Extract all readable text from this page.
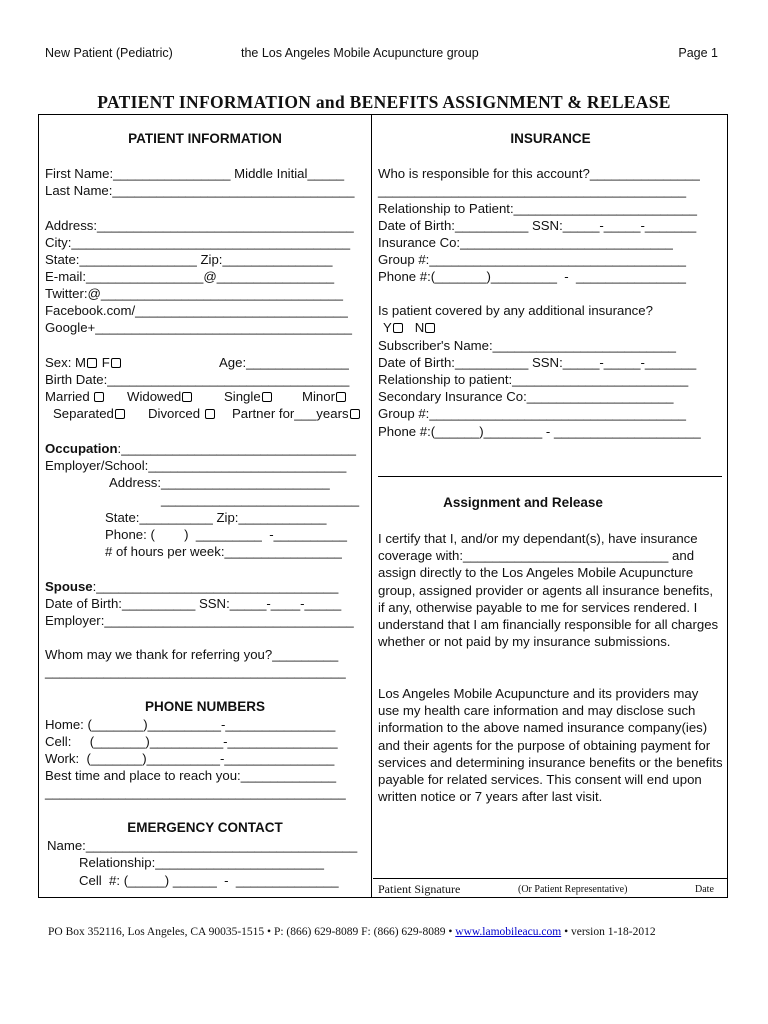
New Patient (Pediatric)	the Los Angeles Mobile Acupuncture group	Page 1
PATIENT INFORMATION and BENEFITS ASSIGNMENT & RELEASE
PATIENT INFORMATION
First Name:________________ Middle Initial_____
Last Name:_________________________________
Address:___________________________________
City:______________________________________
State:________________ Zip:_______________
E-mail:________________@________________
Twitter:@_________________________________
Facebook.com/_____________________________
Google+___________________________________
Sex: M F	Age:______________
Birth Date:_________________________________
Married	Widowed	Single	Minor
Separated	Divorced	Partner for___years
Occupation:________________________________
Employer/School:___________________________
Address:_______________________
___________________________
State:__________ Zip:____________
Phone: (        )  _________  -__________
# of hours per week:________________
Spouse:_________________________________
Date of Birth:__________ SSN:_____-____-_____
Employer:__________________________________
Whom may we thank for referring you?_________
_________________________________________
PHONE NUMBERS
Home: (_______)__________-_______________
Cell:     (_______)__________-_______________
Work:  (_______)__________-_______________
Best time and place to reach you:_____________
_________________________________________
EMERGENCY CONTACT
Name:_____________________________________
Relationship:_______________________
Cell  #: (_____) ______  -  ______________
INSURANCE
Who is responsible for this account?_______________
__________________________________________
Relationship to Patient:_________________________
Date of Birth:__________ SSN:_____-_____-_______
Insurance Co:_____________________________
Group #:___________________________________
Phone #:(_______)_________  -  _______________
Is patient covered by any additional insurance?
Y N
Subscriber's Name:_________________________
Date of Birth:__________ SSN:_____-_____-_______
Relationship to patient:________________________
Secondary Insurance Co:____________________
Group #:___________________________________
Phone #:(______)________ - ____________________
Assignment and Release
I certify that I, and/or my dependant(s), have insurance coverage with:____________________________ and assign directly to the Los Angeles Mobile Acupuncture group, assigned provider or agents all insurance benefits, if any, otherwise payable to me for services rendered. I understand that I am financially responsible for all charges whether or not paid by my insurance submissions.
Los Angeles Mobile Acupuncture and its providers may use my health care information and may disclose such information to the above named insurance company(ies) and their agents for the purpose of obtaining payment for services and determining insurance benefits or the benefits payable for related services. This consent will end upon written notice or 7 years after last visit.
Patient Signature	(Or Patient Representative)	Date
PO Box 352116, Los Angeles, CA 90035-1515 • P: (866) 629-8089 F: (866) 629-8089 • www.lamobileacu.com • version 1-18-2012
